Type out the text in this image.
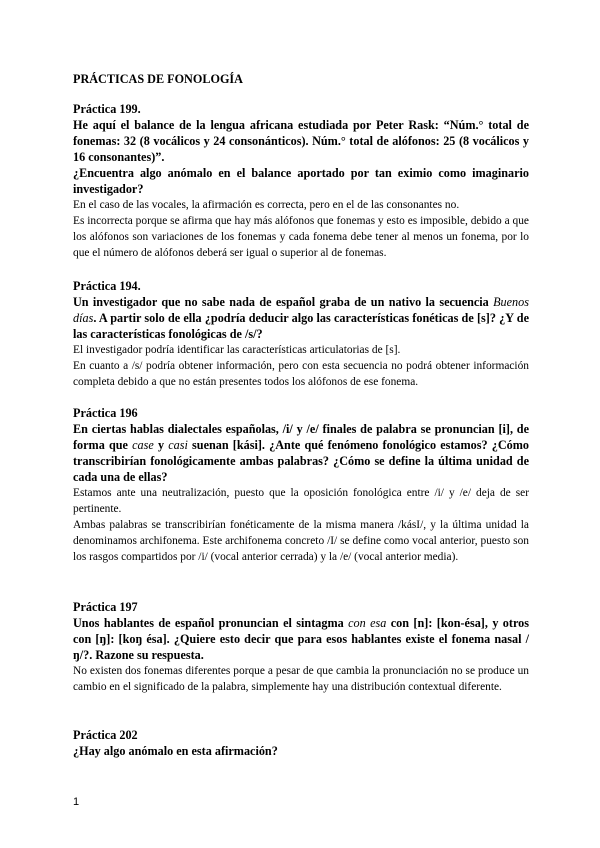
PRÁCTICAS DE FONOLOGÍA

Práctica 199.

He aquí el balance de la lengua africana estudiada por Peter Rask: “Núm.° total de fonemas: 32 (8 vocálicos y 24 consonánticos). Núm.° total de alófonos: 25 (8 vocálicos y 16 consonantes)”.

¿Encuentra algo anómalo en el balance aportado por tan eximio como imaginario investigador?

En el caso de las vocales, la afirmación es correcta, pero en el de las consonantes no.

Es incorrecta porque se afirma que hay más alófonos que fonemas y esto es imposible, debido a que los alófonos son variaciones de los fonemas y cada fonema debe tener al menos un fonema, por lo que el número de alófonos deberá ser igual o superior al de fonemas.

Práctica 194.

Un investigador que no sabe nada de español graba de un nativo la secuencia Buenos días. A partir solo de ella ¿podría deducir algo las características fonéticas de [s]? ¿Y de las características fonológicas de /s/?

El investigador podría identificar las características articulatorias de [s].

En cuanto a /s/ podría obtener información, pero con esta secuencia no podrá obtener información completa debido a que no están presentes todos los alófonos de ese fonema.

Práctica 196

En ciertas hablas dialectales españolas, /i/ y /e/ finales de palabra se pronuncian [i], de forma que case y casi suenan [kási]. ¿Ante qué fenómeno fonológico estamos? ¿Cómo transcribirían fonológicamente ambas palabras? ¿Cómo se define la última unidad de cada una de ellas?

Estamos ante una neutralización, puesto que la oposición fonológica entre /i/ y /e/ deja de ser pertinente.

Ambas palabras se transcribirían fonéticamente de la misma manera /kásI/, y la última unidad la denominamos archifonema. Este archifonema concreto /I/ se define como vocal anterior, puesto son los rasgos compartidos por /i/ (vocal anterior cerrada) y la /e/ (vocal anterior media).

Práctica 197

Unos hablantes de español pronuncian el sintagma con esa con [n]: [kon-ésa], y otros con [ŋ]: [koŋ ésa]. ¿Quiere esto decir que para esos hablantes existe el fonema nasal /ŋ/?. Razone su respuesta.

No existen dos fonemas diferentes porque a pesar de que cambia la pronunciación no se produce un cambio en el significado de la palabra, simplemente hay una distribución contextual diferente.

Práctica 202

¿Hay algo anómalo en esta afirmación?

1
